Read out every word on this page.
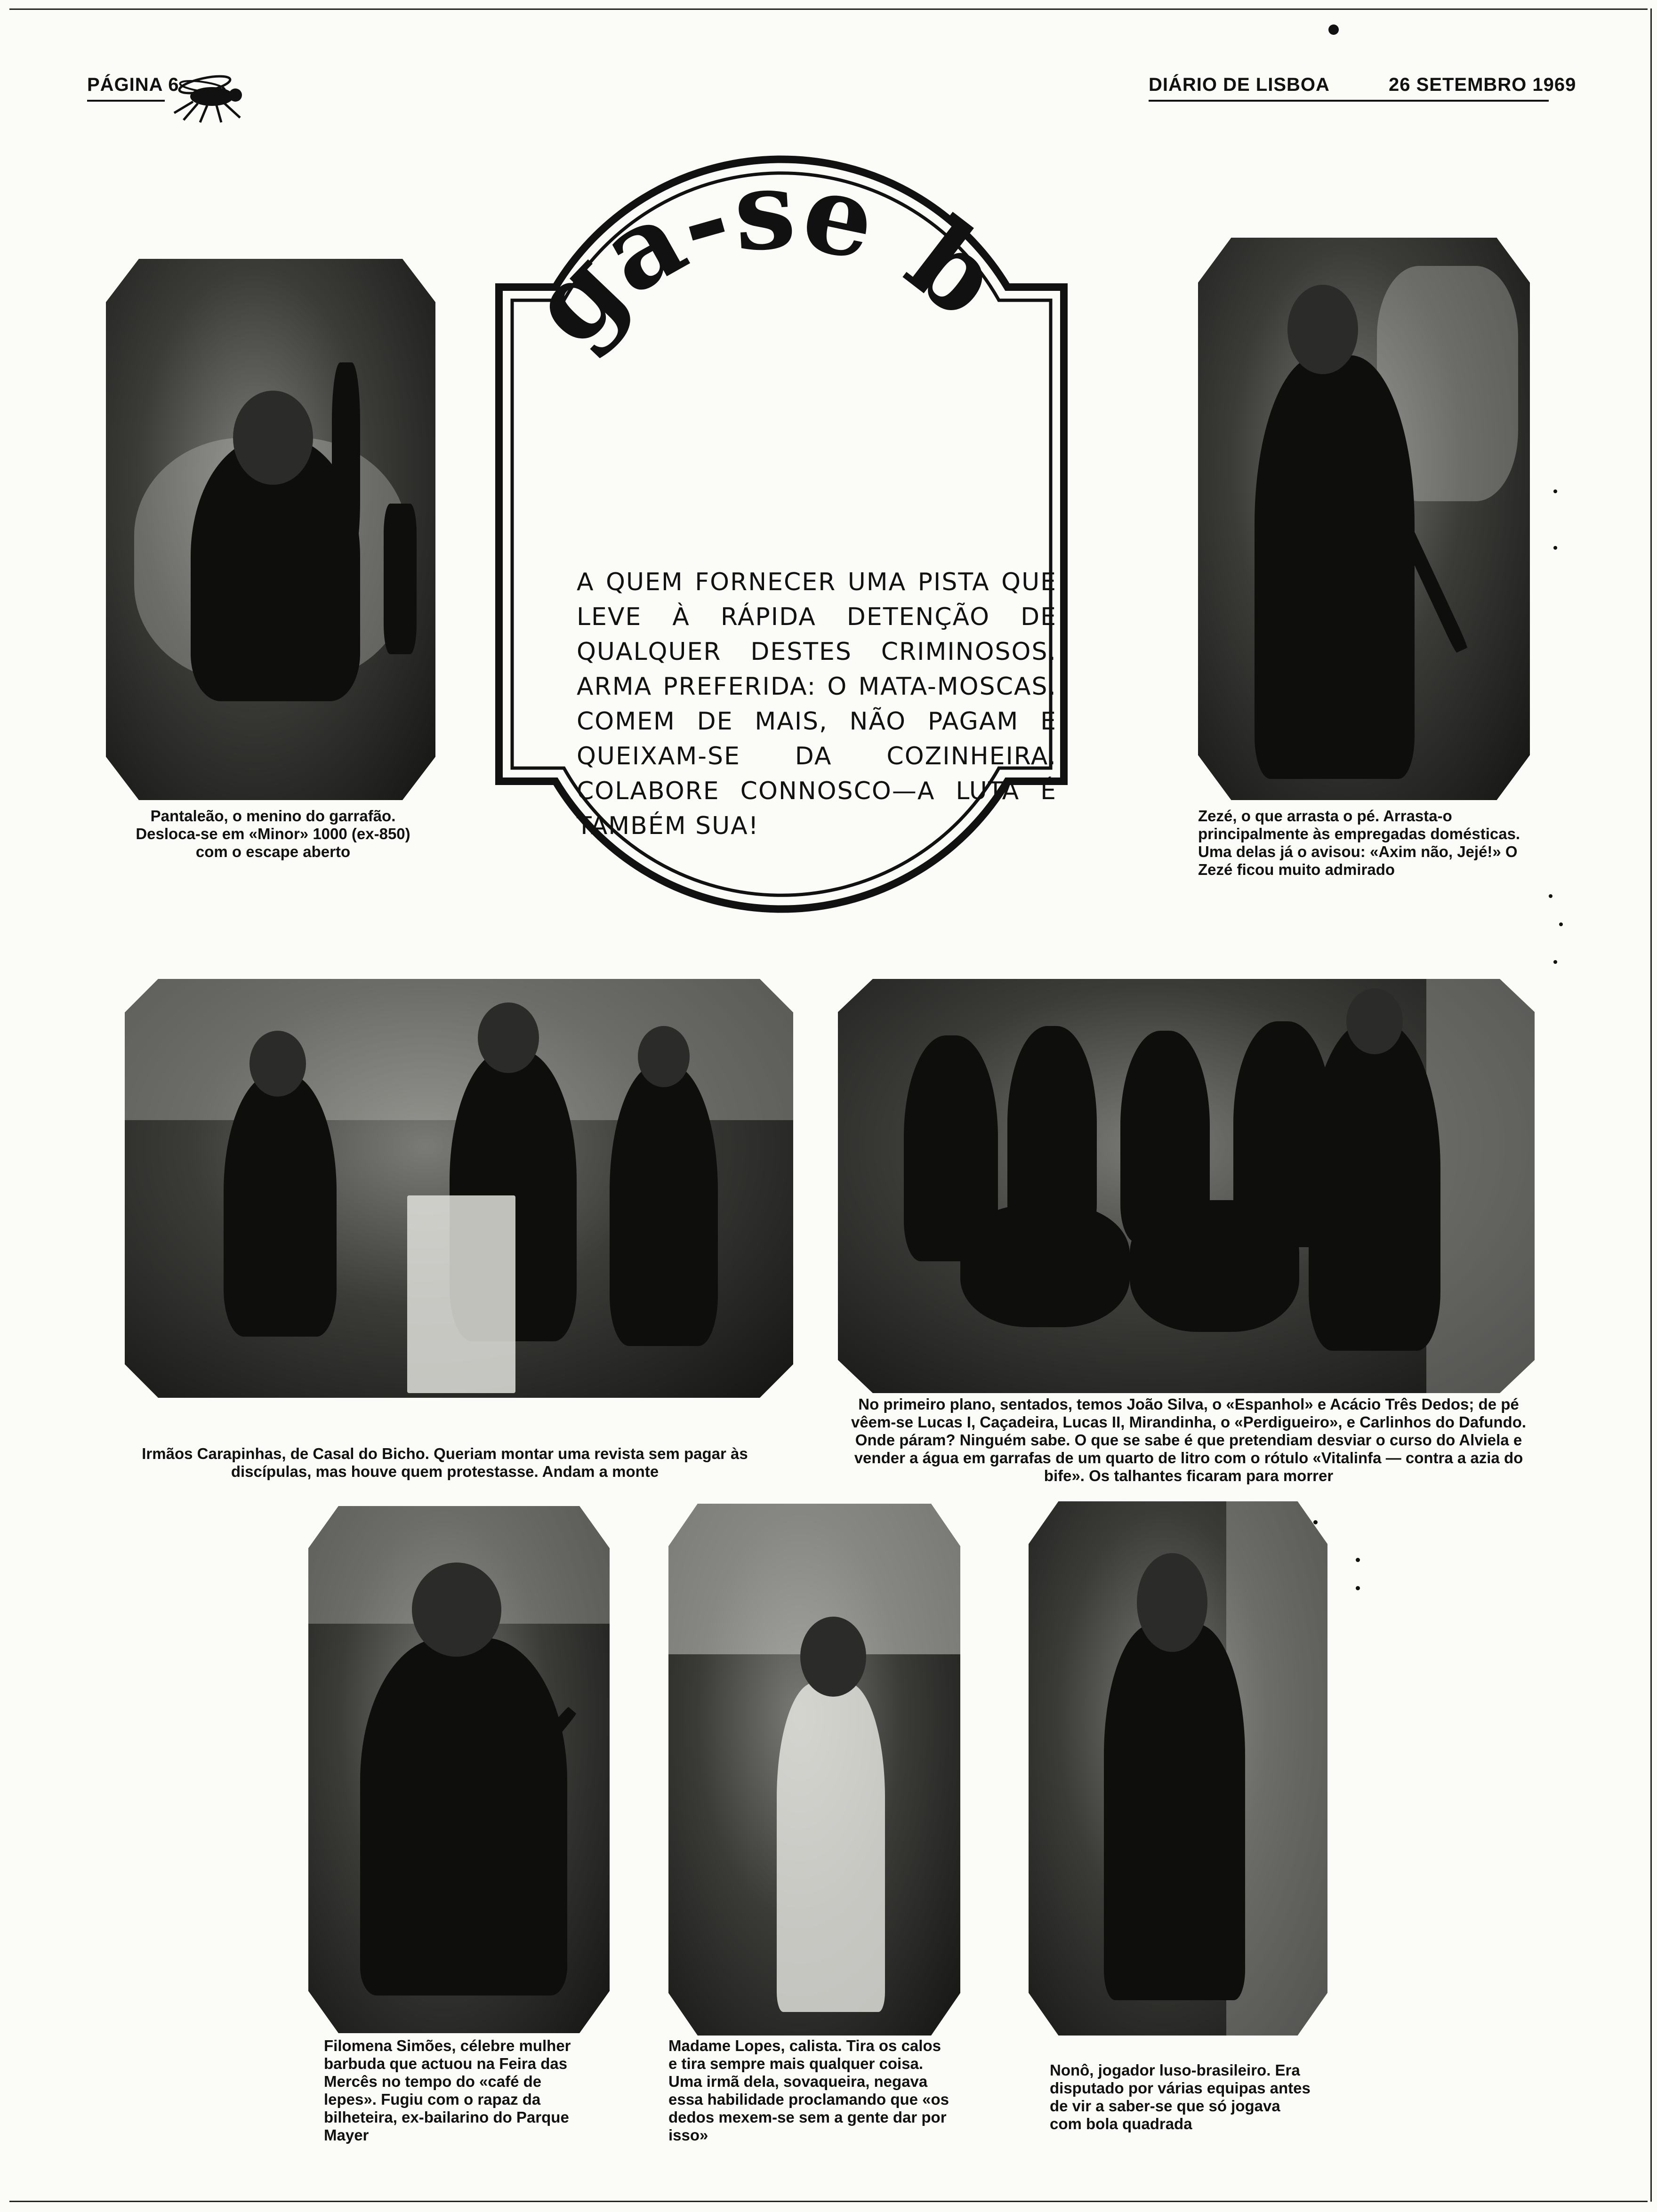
PÁGINA 6	DIÁRIO DE LISBOA	26 SETEMBRO 1969
ga-se b
A QUEM FORNECER UMA PISTA QUE LEVE À RÁPIDA DETENÇÃO DE QUALQUER DESTES CRIMINOSOS. ARMA PREFERIDA: O MATA-MOSCAS. COMEM DE MAIS, NÃO PAGAM E QUEIXAM-SE DA COZINHEIRA. COLABORE CONNOSCO—A LUTA É TAMBÉM SUA!
Pantaleão, o menino do garrafão. Desloca-se em «Minor» 1000 (ex-850) com o escape aberto
Zezé, o que arrasta o pé. Arrasta-o principalmente às empregadas domésticas. Uma delas já o avisou: «Axim não, Jejé!» O Zezé ficou muito admirado
Irmãos Carapinhas, de Casal do Bicho. Queriam montar uma revista sem pagar às discípulas, mas houve quem protestasse. Andam a monte
No primeiro plano, sentados, temos João Silva, o «Espanhol» e Acácio Três Dedos; de pé vêem-se Lucas I, Caçadeira, Lucas II, Mirandinha, o «Perdigueiro», e Carlinhos do Dafundo. Onde páram? Ninguém sabe. O que se sabe é que pretendiam desviar o curso do Alviela e vender a água em garrafas de um quarto de litro com o rótulo «Vitalinfa — contra a azia do bife». Os talhantes ficaram para morrer
Filomena Simões, célebre mulher barbuda que actuou na Feira das Mercês no tempo do «café de lepes». Fugiu com o rapaz da bilheteira, ex-bailarino do Parque Mayer
Madame Lopes, calista. Tira os calos e tira sempre mais qualquer coisa. Uma irmã dela, sovaqueira, negava essa habilidade proclamando que «os dedos mexem-se sem a gente dar por isso»
Nonô, jogador luso-brasileiro. Era disputado por várias equipas antes de vir a saber-se que só jogava com bola quadrada
